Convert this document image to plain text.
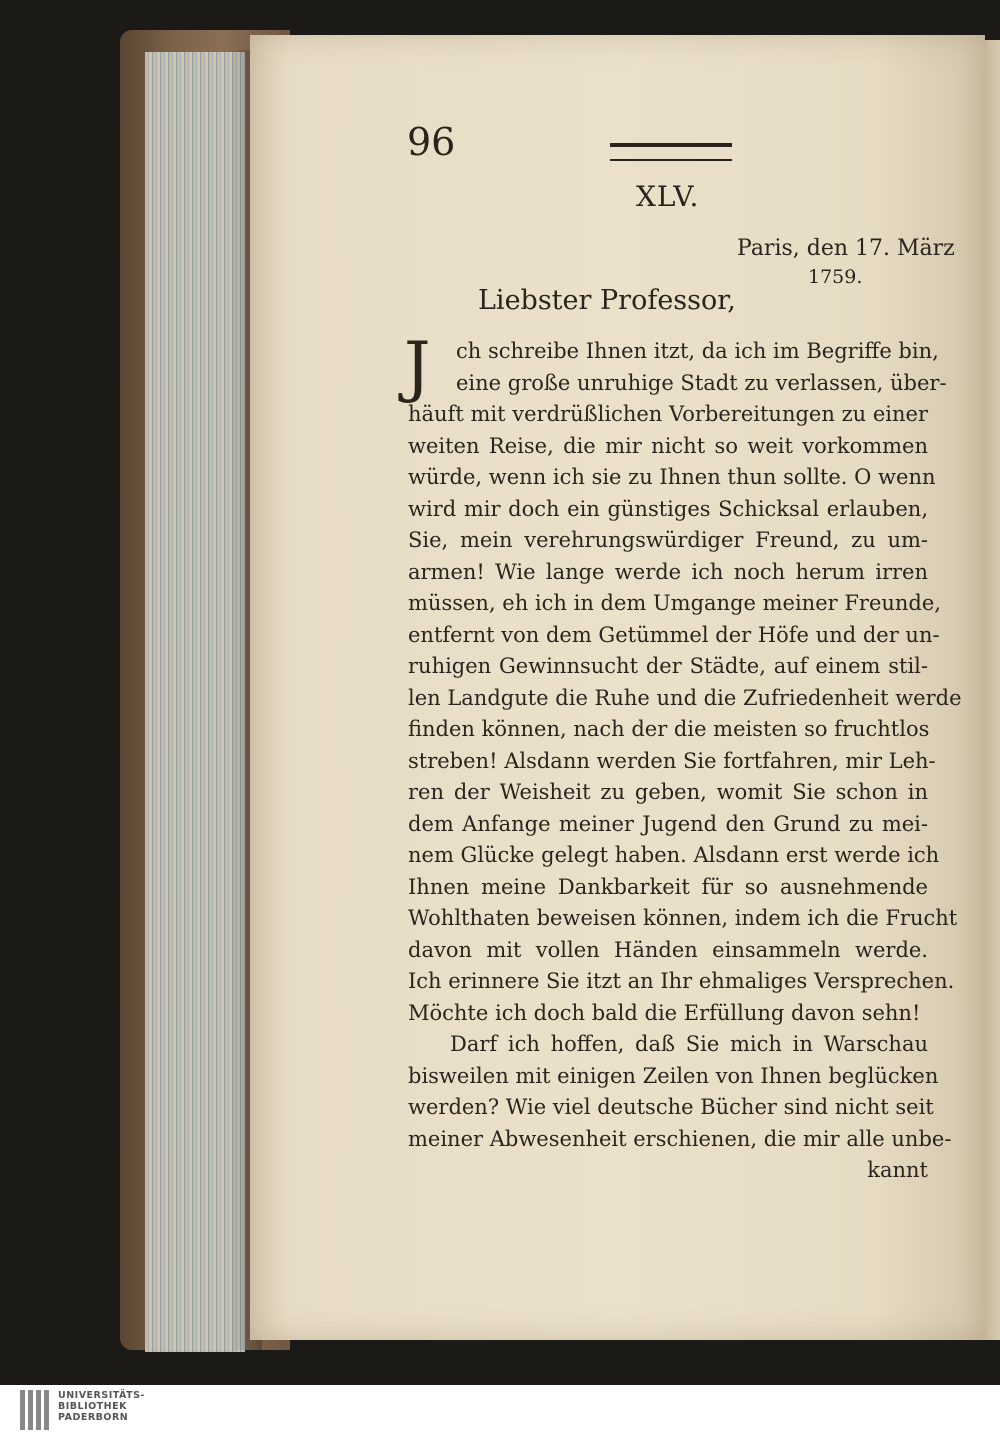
96
XLV.
Paris, den 17. März
1759.
Liebster Professor,
J	ch schreibe Ihnen itzt, da ich im Begriffe bin,
eine große unruhige Stadt zu verlassen, über-
häuft mit verdrüßlichen Vorbereitungen zu einer
weiten Reise, die mir nicht so weit vorkommen
würde, wenn ich sie zu Ihnen thun sollte. O wenn
wird mir doch ein günstiges Schicksal erlauben,
Sie, mein verehrungswürdiger Freund, zu um-
armen! Wie lange werde ich noch herum irren
müssen, eh ich in dem Umgange meiner Freunde,
entfernt von dem Getümmel der Höfe und der un-
ruhigen Gewinnsucht der Städte, auf einem stil-
len Landgute die Ruhe und die Zufriedenheit werde
finden können, nach der die meisten so fruchtlos
streben! Alsdann werden Sie fortfahren, mir Leh-
ren der Weisheit zu geben, womit Sie schon in
dem Anfange meiner Jugend den Grund zu mei-
nem Glücke gelegt haben. Alsdann erst werde ich
Ihnen meine Dankbarkeit für so ausnehmende
Wohlthaten beweisen können, indem ich die Frucht
davon mit vollen Händen einsammeln werde.
Ich erinnere Sie itzt an Ihr ehmaliges Versprechen.
Möchte ich doch bald die Erfüllung davon sehn!
Darf ich hoffen, daß Sie mich in Warschau
bisweilen mit einigen Zeilen von Ihnen beglücken
werden? Wie viel deutsche Bücher sind nicht seit
meiner Abwesenheit erschienen, die mir alle unbe-
kannt
UNIVERSITÄTS-
BIBLIOTHEK
PADERBORN
